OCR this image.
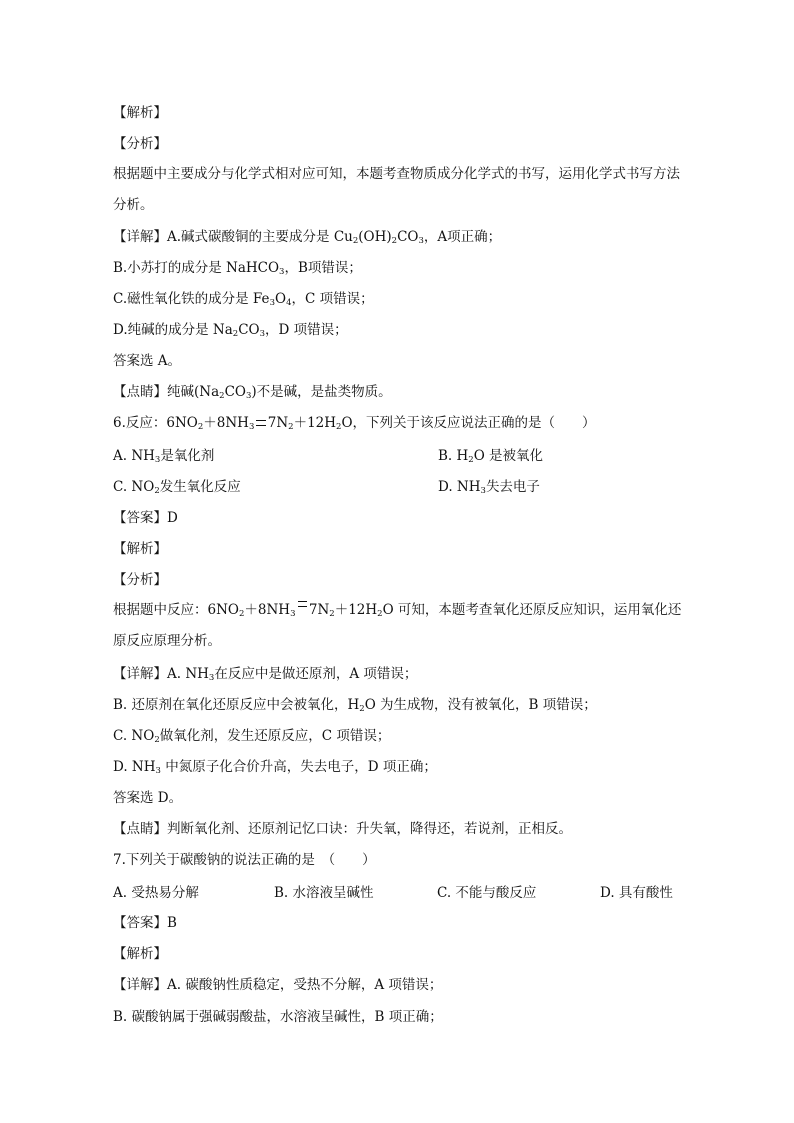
【解析】
【分析】
根据题中主要成分与化学式相对应可知，本题考查物质成分化学式的书写，运用化学式书写方法分析。
【详解】A.碱式碳酸铜的主要成分是 $Cu_2(OH)_2CO_3$，A项正确；
B.小苏打的成分是 NaHCO$_3$，B项错误；
C.磁性氧化铁的成分是 $Fe_3O_4$，C 项错误；
D.纯碱的成分是 $Na_2CO_3$，D 项错误；
答案选 A。
【点睛】纯碱$(Na_2CO_3)$不是碱，是盐类物质。
6.反应：$6NO_2+8NH_3$    $7N_2+12H_2O$，下列关于该反应说法正确的是（　　）
A. $NH_3$是氧化剂	B. $H_2O$ 是被氧化
C. $NO_2$发生氧化反应	D. $NH_3$失去电子
【答案】D
【解析】
【分析】
根据题中反应：$6NO_2+8NH_3$    $7N_2+12H_2O$ 可知，本题考查氧化还原反应知识，运用氧化还原反应原理分析。
【详解】A. $NH_3$在反应中是做还原剂，A 项错误；
B. 还原剂在氧化还原反应中会被氧化，$H_2O$ 为生成物，没有被氧化，B 项错误；
C. $NO_2$做氧化剂，发生还原反应，C 项错误；
D. $NH_3$ 中氮原子化合价升高，失去电子，D 项正确；
答案选 D。
【点睛】判断氧化剂、还原剂记忆口诀：升失氧，降得还，若说剂，正相反。
7.下列关于碳酸钠的说法正确的是　（　　）
A. 受热易分解	B. 水溶液呈碱性	C. 不能与酸反应	D. 具有酸性
【答案】B
【解析】
【详解】A. 碳酸钠性质稳定，受热不分解，A 项错误；
B. 碳酸钠属于强碱弱酸盐，水溶液呈碱性，B 项正确；
